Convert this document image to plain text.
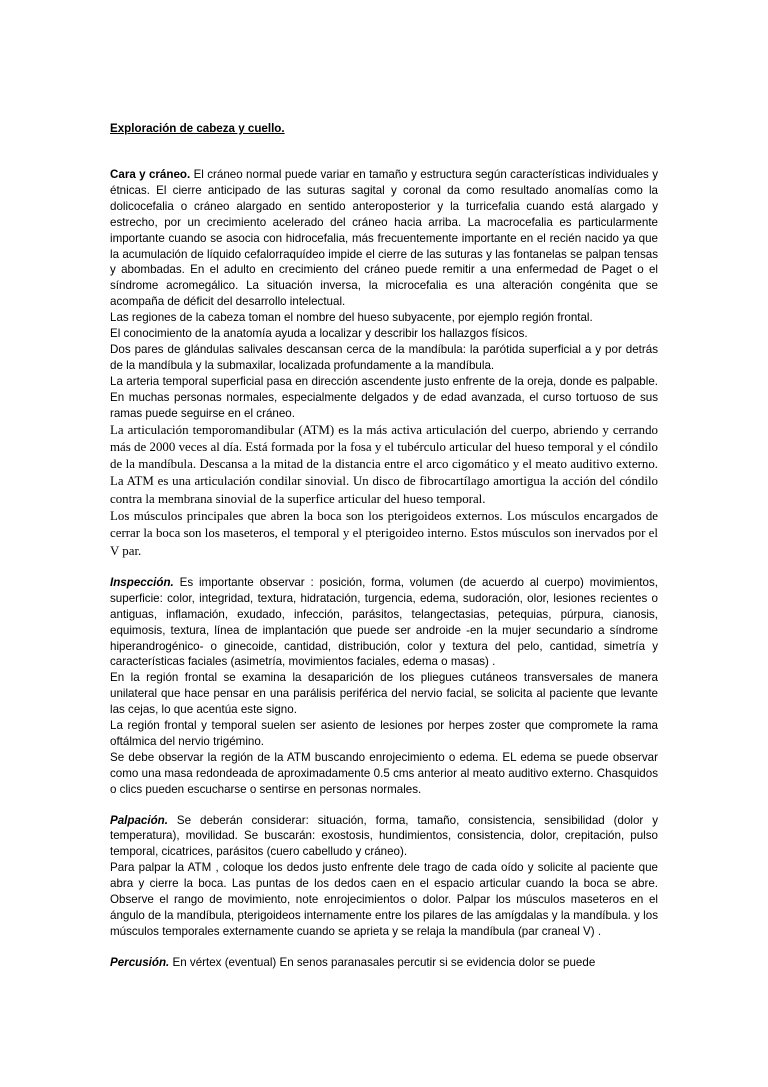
Exploración de cabeza y cuello.

Cara y cráneo. El cráneo normal puede variar en tamaño y estructura según características individuales y étnicas. El cierre anticipado de las suturas sagital y coronal da como resultado anomalías como la dolicocefalia o cráneo alargado en sentido anteroposterior y la turricefalia cuando está alargado y estrecho, por un crecimiento acelerado del cráneo hacia arriba. La macrocefalia es particularmente importante cuando se asocia con hidrocefalia, más frecuentemente importante en el recién nacido ya que la acumulación de líquido cefalorraquídeo impide el cierre de las suturas y las fontanelas se palpan tensas y abombadas. En el adulto en crecimiento del cráneo puede remitir a una enfermedad de Paget o el síndrome acromegálico. La situación inversa, la microcefalia es una alteración congénita que se acompaña de déficit del desarrollo intelectual.

Las regiones de la cabeza toman el nombre del hueso subyacente, por ejemplo región frontal.

El conocimiento de la anatomía ayuda a localizar y describir los hallazgos físicos.

Dos pares de glándulas salivales descansan cerca de la mandíbula: la parótida superficial a y por detrás de la mandíbula y la submaxilar, localizada profundamente a la mandíbula.

La arteria temporal superficial pasa en dirección ascendente justo enfrente de la oreja, donde es palpable. En muchas personas normales, especialmente delgados y de edad avanzada, el curso tortuoso de sus ramas puede seguirse en el cráneo.

La articulación temporomandibular (ATM) es la más activa articulación del cuerpo, abriendo y cerrando más de 2000 veces al día. Está formada por la fosa y el tubérculo articular del hueso temporal y el cóndilo de la mandíbula. Descansa a la mitad de la distancia entre el arco cigomático y el meato auditivo externo. La ATM es una articulación condilar sinovial. Un disco de fibrocartílago amortigua la acción del cóndilo contra la membrana sinovial de la superfice articular del hueso temporal.

Los músculos principales que abren la boca son los pterigoideos externos. Los músculos encargados de cerrar la boca son los maseteros, el temporal y el pterigoideo interno. Estos músculos son inervados por el V par.

Inspección. Es importante observar : posición, forma, volumen (de acuerdo al cuerpo) movimientos, superficie: color, integridad, textura, hidratación, turgencia, edema, sudoración, olor, lesiones recientes o antiguas, inflamación, exudado, infección, parásitos, telangectasias, petequias, púrpura, cianosis, equimosis, textura, línea de implantación que puede ser androide -en la mujer secundario a síndrome hiperandrogénico- o ginecoide, cantidad, distribución, color y textura del pelo, cantidad, simetría y características faciales (asimetría, movimientos faciales, edema o masas) .

En la región frontal se examina la desaparición de los pliegues cutáneos transversales de manera unilateral que hace pensar en una parálisis periférica del nervio facial, se solicita al paciente que levante las cejas, lo que acentúa este signo.

La región frontal y temporal suelen ser asiento de lesiones por herpes zoster que compromete la rama oftálmica del nervio trigémino.

Se debe observar la región de la ATM buscando enrojecimiento o edema. EL edema se puede observar como una masa redondeada de aproximadamente 0.5 cms anterior al meato auditivo externo. Chasquidos o clics pueden escucharse o sentirse en personas normales.

Palpación. Se deberán considerar: situación, forma, tamaño, consistencia, sensibilidad (dolor y temperatura), movilidad. Se buscarán: exostosis, hundimientos, consistencia, dolor, crepitación, pulso temporal, cicatrices, parásitos (cuero cabelludo y cráneo).

Para palpar la ATM , coloque los dedos justo enfrente dele trago de cada oído y solicite al paciente que abra y cierre la boca. Las puntas de los dedos caen en el espacio articular cuando la boca se abre. Observe el rango de movimiento, note enrojecimientos o dolor. Palpar los músculos maseteros en el ángulo de la mandíbula, pterigoideos internamente entre los pilares de las amígdalas y la mandíbula. y los músculos temporales externamente cuando se aprieta y se relaja la mandíbula (par craneal V) .

Percusión. En vértex (eventual) En senos paranasales percutir si se evidencia dolor se puede
